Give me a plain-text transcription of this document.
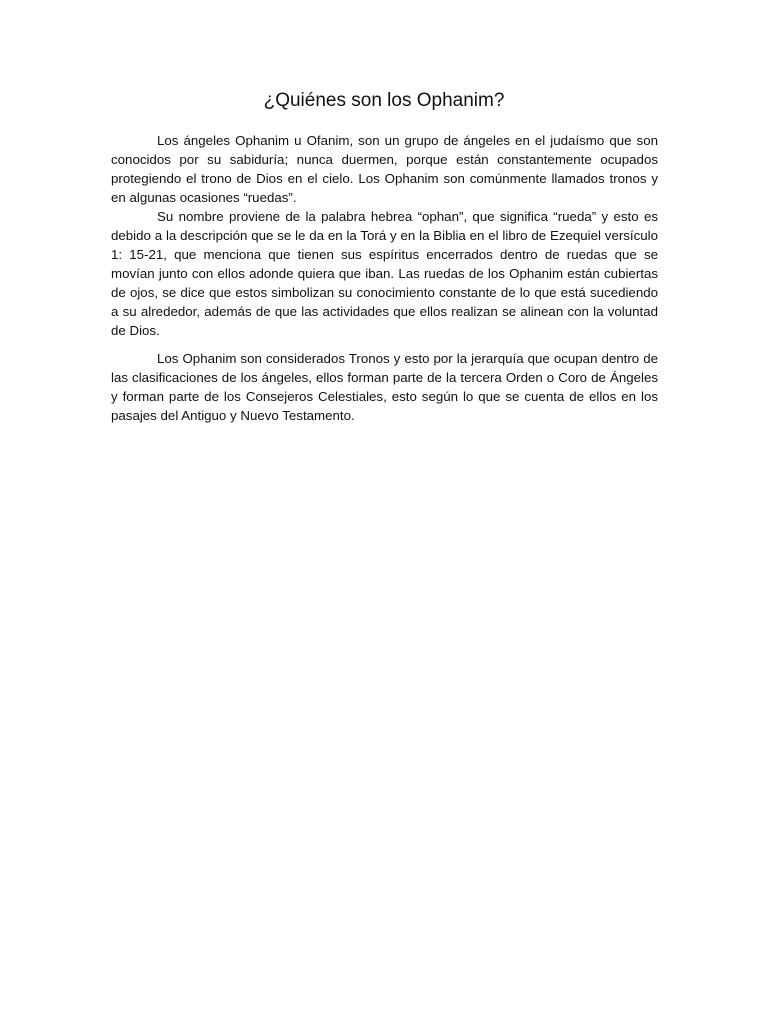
¿Quiénes son los Ophanim?

Los ángeles Ophanim u Ofanim, son un grupo de ángeles en el judaísmo que son conocidos por su sabiduría; nunca duermen, porque están constantemente ocupados protegiendo el trono de Dios en el cielo. Los Ophanim son comúnmente llamados tronos y en algunas ocasiones “ruedas”.

Su nombre proviene de la palabra hebrea “ophan”, que significa “rueda” y esto es debido a la descripción que se le da en la Torá y en la Biblia en el libro de Ezequiel versículo 1: 15-21, que menciona que tienen sus espíritus encerrados dentro de ruedas que se movían junto con ellos adonde quiera que iban. Las ruedas de los Ophanim están cubiertas de ojos, se dice que estos simbolizan su conocimiento constante de lo que está sucediendo a su alrededor, además de que las actividades que ellos realizan se alinean con la voluntad de Dios.

Los Ophanim son considerados Tronos y esto por la jerarquía que ocupan dentro de las clasificaciones de los ángeles, ellos forman parte de la tercera Orden o Coro de Ángeles y forman parte de los Consejeros Celestiales, esto según lo que se cuenta de ellos en los pasajes del Antiguo y Nuevo Testamento.
